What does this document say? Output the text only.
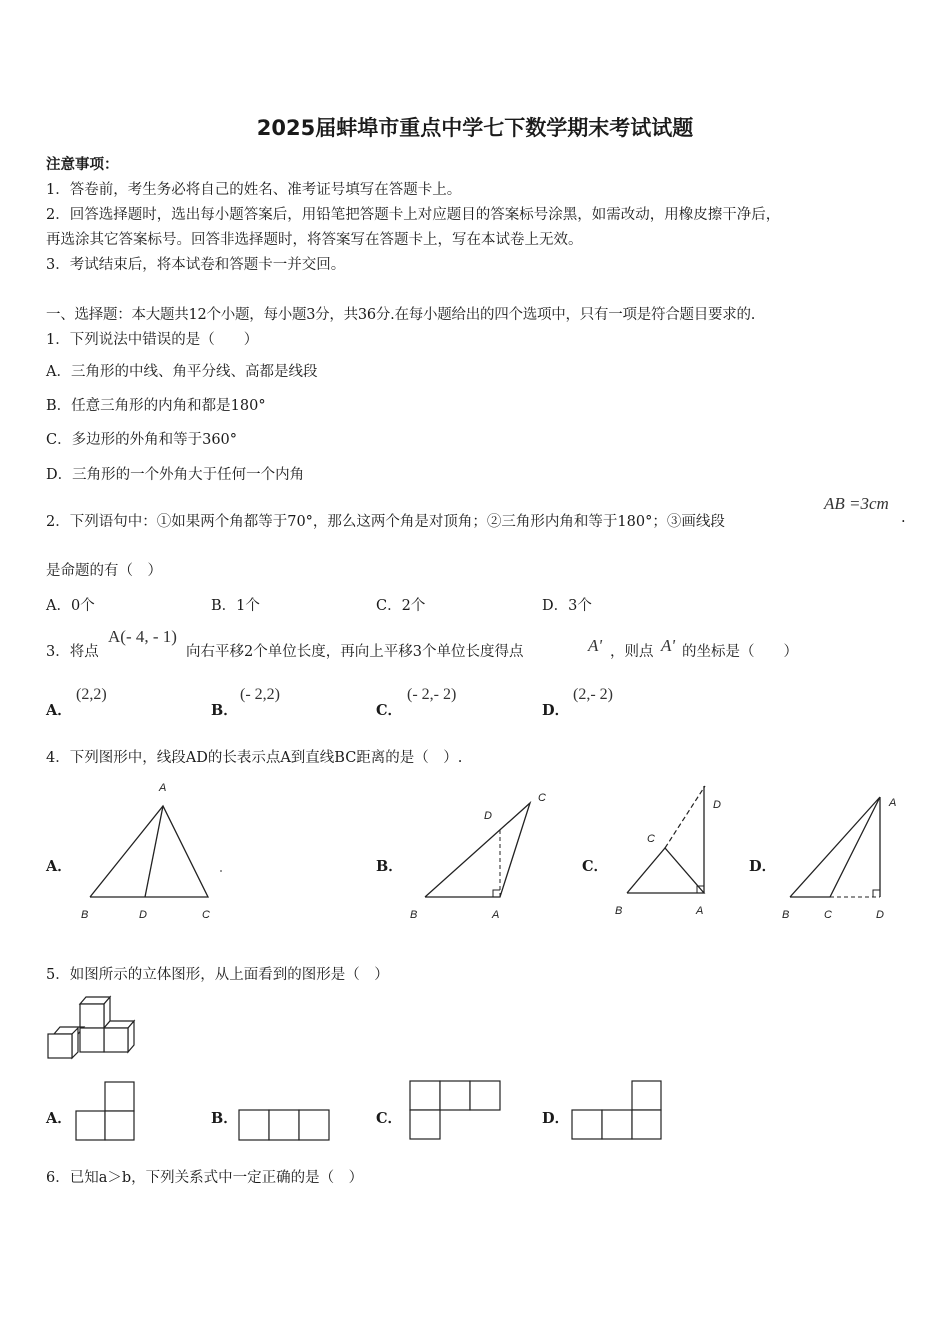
2025届蚌埠市重点中学七下数学期末考试试题
注意事项：
1．答卷前，考生务必将自己的姓名、准考证号填写在答题卡上。
2．回答选择题时，选出每小题答案后，用铅笔把答题卡上对应题目的答案标号涂黑，如需改动，用橡皮擦干净后，
再选涂其它答案标号。回答非选择题时，将答案写在答题卡上，写在本试卷上无效。
3．考试结束后，将本试卷和答题卡一并交回。
一、选择题：本大题共12个小题，每小题3分，共36分.在每小题给出的四个选项中，只有一项是符合题目要求的.
1．下列说法中错误的是（　　）
A．三角形的中线、角平分线、高都是线段
B．任意三角形的内角和都是180°
C．多边形的外角和等于360°
D．三角形的一个外角大于任何一个内角
2．下列语句中：①如果两个角都等于70°，那么这两个角是对顶角；②三角形内角和等于180°；③画线段
AB =3cm
.
是命题的有（　）
A．0个	B．1个	C．2个	D．3个
3．将点
A(- 4, - 1)
向右平移2个单位长度，再向上平移3个单位长度得点	A' ，则点 A' 的坐标是（　　）
A．
(2,2)
B．
(- 2,2)
C．
(- 2,- 2)
D．
(2,- 2)
4．下列图形中，线段AD的长表示点A到直线BC距离的是（　）.
A．
A
B	D	C
B．
C
D
B	A
C．
D
C
B	A
D．
A
B	C	D
5．如图所示的立体图形，从上面看到的图形是（　）
A．	B．	C．	D．
6．已知a＞b，下列关系式中一定正确的是（　）
